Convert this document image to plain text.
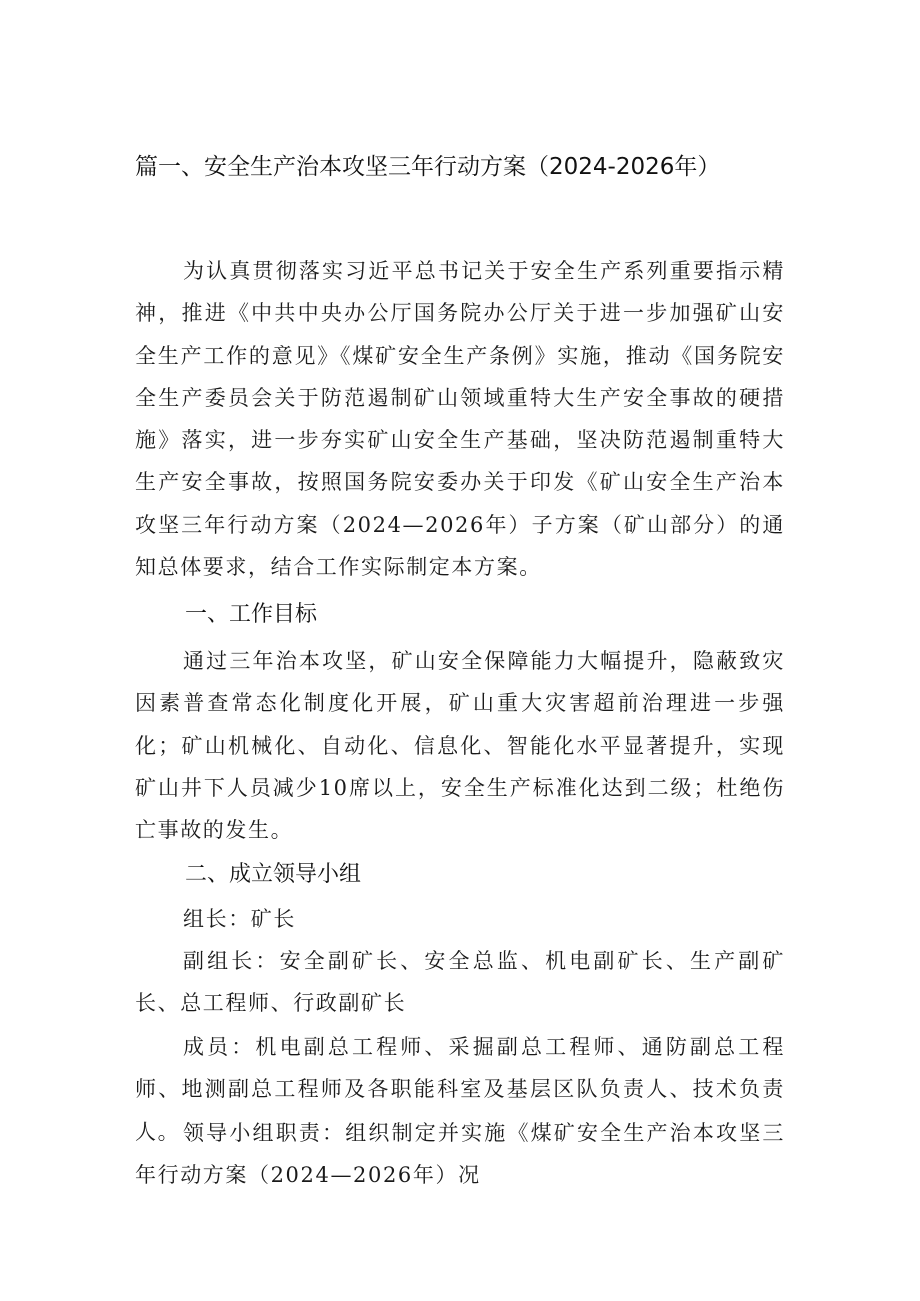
篇一、安全生产治本攻坚三年行动方案（2024-2026年）
为认真贯彻落实习近平总书记关于安全生产系列重要指示精神，推进《中共中央办公厅国务院办公厅关于进一步加强矿山安全生产工作的意见》《煤矿安全生产条例》实施，推动《国务院安全生产委员会关于防范遏制矿山领域重特大生产安全事故的硬措施》落实，进一步夯实矿山安全生产基础，坚决防范遏制重特大生产安全事故，按照国务院安委办关于印发《矿山安全生产治本攻坚三年行动方案（2024—2026年）子方案（矿山部分）的通知总体要求，结合工作实际制定本方案。
一、工作目标
通过三年治本攻坚，矿山安全保障能力大幅提升，隐蔽致灾因素普查常态化制度化开展，矿山重大灾害超前治理进一步强化；矿山机械化、自动化、信息化、智能化水平显著提升，实现矿山井下人员减少10席以上，安全生产标准化达到二级；杜绝伤亡事故的发生。
二、成立领导小组
组长：矿长
副组长：安全副矿长、安全总监、机电副矿长、生产副矿长、总工程师、行政副矿长
成员：机电副总工程师、采掘副总工程师、通防副总工程师、地测副总工程师及各职能科室及基层区队负责人、技术负责人。 领导小组职责：组织制定并实施《煤矿安全生产治本攻坚三年行动方案（2024—2026年）况
